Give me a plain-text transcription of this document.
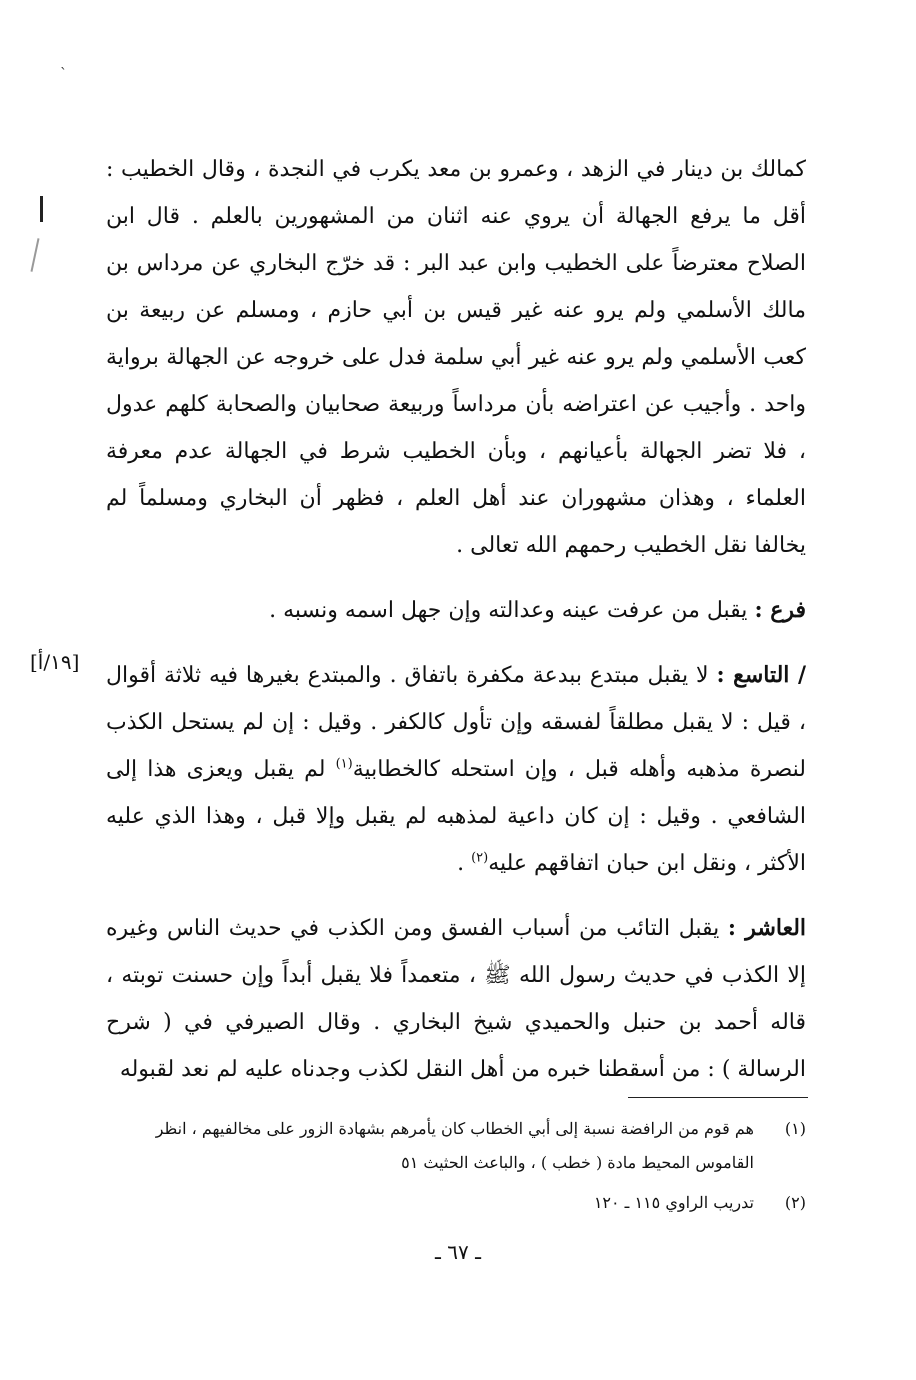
ˎ

كمالك بن دينار في الزهد ، وعمرو بن معد يكرب في النجدة ، وقال الخطيب : أقل ما يرفع الجهالة أن يروي عنه اثنان من المشهورين بالعلم . قال ابن الصلاح معترضاً على الخطيب وابن عبد البر : قد خرّج البخاري عن مرداس بن مالك الأسلمي ولم يرو عنه غير قيس بن أبي حازم ، ومسلم عن ربيعة بن كعب الأسلمي ولم يرو عنه غير أبي سلمة فدل على خروجه عن الجهالة برواية واحد . وأجيب عن اعتراضه بأن مرداساً وربيعة صحابيان والصحابة كلهم عدول ، فلا تضر الجهالة بأعيانهم ، وبأن الخطيب شرط في الجهالة عدم معرفة العلماء ، وهذان مشهوران عند أهل العلم ، فظهر أن البخاري ومسلماً لم يخالفا نقل الخطيب رحمهم الله تعالى .

فرع : يقبل من عرفت عينه وعدالته وإن جهل اسمه ونسبه .

/ التاسع : لا يقبل مبتدع ببدعة مكفرة باتفاق . والمبتدع بغيرها فيه ثلاثة أقوال ، قيل : لا يقبل مطلقاً لفسقه وإن تأول كالكفر . وقيل : إن لم يستحل الكذب لنصرة مذهبه وأهله قبل ، وإن استحله كالخطابية$^{(١)}$ لم يقبل ويعزى هذا إلى الشافعي . وقيل : إن كان داعية لمذهبه لم يقبل وإلا قبل ، وهذا الذي عليه الأكثر ، ونقل ابن حبان اتفاقهم عليه$^{(٢)}$ .

العاشر : يقبل التائب من أسباب الفسق ومن الكذب في حديث الناس وغيره إلا الكذب في حديث رسول الله ﷺ ، متعمداً فلا يقبل أبداً وإن حسنت توبته ، قاله أحمد بن حنبل والحميدي شيخ البخاري . وقال الصيرفي في ( شرح الرسالة ) : من أسقطنا خبره من أهل النقل لكذب وجدناه عليه لم نعد لقبوله

[١٩/أ]

(١)
هم قوم من الرافضة نسبة إلى أبي الخطاب كان يأمرهم بشهادة الزور على مخالفيهم ، انظر القاموس المحيط مادة ( خطب ) ، والباعث الحثيث ٥١

(٢)
تدريب الراوي ١١٥ ـ ١٢٠

ـ ٦٧ ـ
